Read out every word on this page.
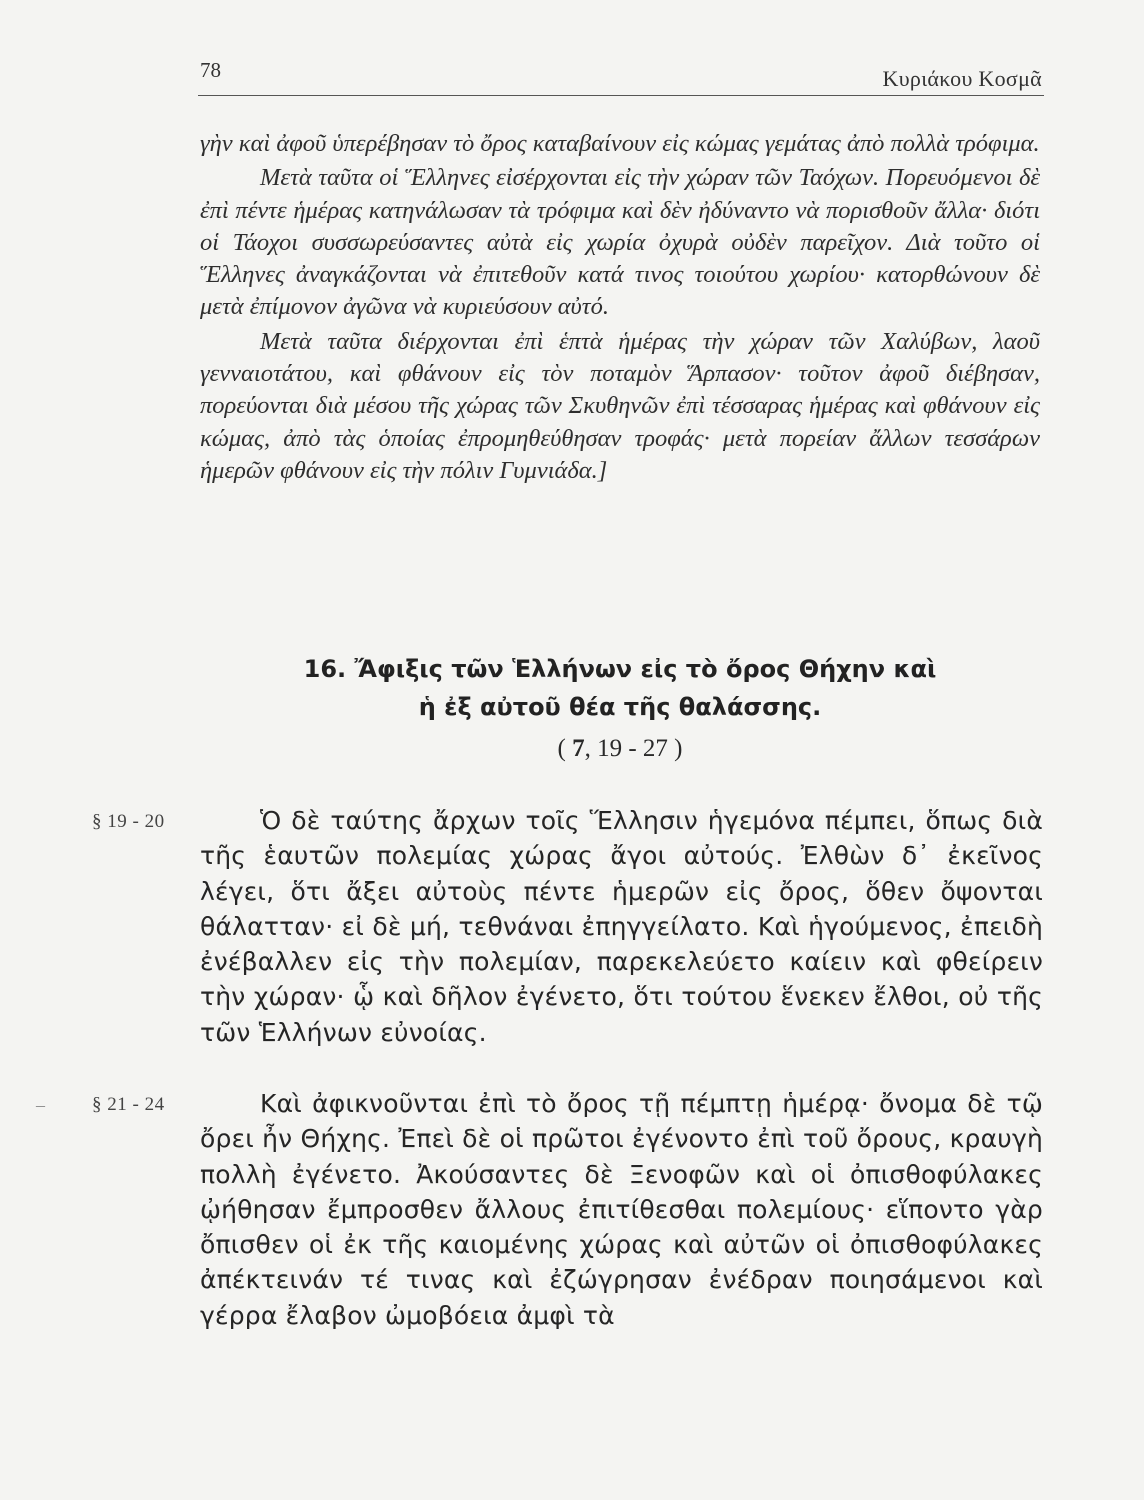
78	Κυριάκου Κοσμᾶ

γὴν καὶ ἀφοῦ ὑπερέβησαν τὸ ὄρος καταβαίνουν εἰς κώμας γεμάτας ἀπὸ πολλὰ τρόφιμα.

Μετὰ ταῦτα οἱ Ἕλληνες εἰσέρχονται εἰς τὴν χώραν τῶν Ταόχων. Πορευόμενοι δὲ ἐπὶ πέντε ἡμέρας κατηνάλωσαν τὰ τρόφιμα καὶ δὲν ἠδύναντο νὰ πορισθοῦν ἄλλα· διότι οἱ Τάοχοι συσσωρεύσαντες αὐτὰ εἰς χωρία ὀχυρὰ οὐδὲν παρεῖχον. Διὰ τοῦτο οἱ Ἕλληνες ἀναγκάζονται νὰ ἐπιτεθοῦν κατά τινος τοιούτου χωρίου· κατορθώνουν δὲ μετὰ ἐπίμονον ἀγῶνα νὰ κυριεύσουν αὐτό.

Μετὰ ταῦτα διέρχονται ἐπὶ ἑπτὰ ἡμέρας τὴν χώραν τῶν Χαλύβων, λαοῦ γενναιοτάτου, καὶ φθάνουν εἰς τὸν ποταμὸν Ἅρπασον· τοῦτον ἀφοῦ διέβησαν, πορεύονται διὰ μέσου τῆς χώρας τῶν Σκυθηνῶν ἐπὶ τέσσαρας ἡμέρας καὶ φθάνουν εἰς κώμας, ἀπὸ τὰς ὁποίας ἐπρομηθεύθησαν τροφάς· μετὰ πορείαν ἄλλων τεσσάρων ἡμερῶν φθάνουν εἰς τὴν πόλιν Γυμνιάδα.]

16. Ἄφιξις τῶν Ἑλλήνων εἰς τὸ ὄρος Θήχην καὶ
ἡ ἐξ αὐτοῦ θέα τῆς θαλάσσης.
( 7, 19 - 27 )
§ 19 - 20
– § 21 - 24

Ὁ δὲ ταύτης ἄρχων τοῖς Ἕλλησιν ἡγεμόνα πέμπει, ὅπως διὰ τῆς ἑαυτῶν πολεμίας χώρας ἄγοι αὐτούς. Ἐλθὼν δ᾽ ἐκεῖνος λέγει, ὅτι ἄξει αὐτοὺς πέντε ἡμερῶν εἰς ὄρος, ὅθεν ὄψονται θάλατταν· εἰ δὲ μή, τεθνάναι ἐπηγγείλατο. Καὶ ἡγούμενος, ἐπειδὴ ἐνέβαλλεν εἰς τὴν πολεμίαν, παρεκελεύετο καίειν καὶ φθείρειν τὴν χώραν· ᾧ καὶ δῆλον ἐγένετο, ὅτι τούτου ἕνεκεν ἔλθοι, οὐ τῆς τῶν Ἑλλήνων εὐνοίας.

Καὶ ἀφικνοῦνται ἐπὶ τὸ ὄρος τῇ πέμπτῃ ἡμέρᾳ· ὄνομα δὲ τῷ ὄρει ἦν Θήχης. Ἐπεὶ δὲ οἱ πρῶτοι ἐγένοντο ἐπὶ τοῦ ὄρους, κραυγὴ πολλὴ ἐγένετο. Ἀκούσαντες δὲ Ξενοφῶν καὶ οἱ ὀπισθοφύλακες ᾠήθησαν ἔμπροσθεν ἄλλους ἐπιτίθεσθαι πολεμίους· εἵποντο γὰρ ὄπισθεν οἱ ἐκ τῆς καιομένης χώρας καὶ αὐτῶν οἱ ὀπισθοφύλακες ἀπέκτεινάν τέ τινας καὶ ἐζώγρησαν ἐνέδραν ποιησάμενοι καὶ γέρρα ἔλαβον ὠμοβόεια ἀμφὶ τὰ
